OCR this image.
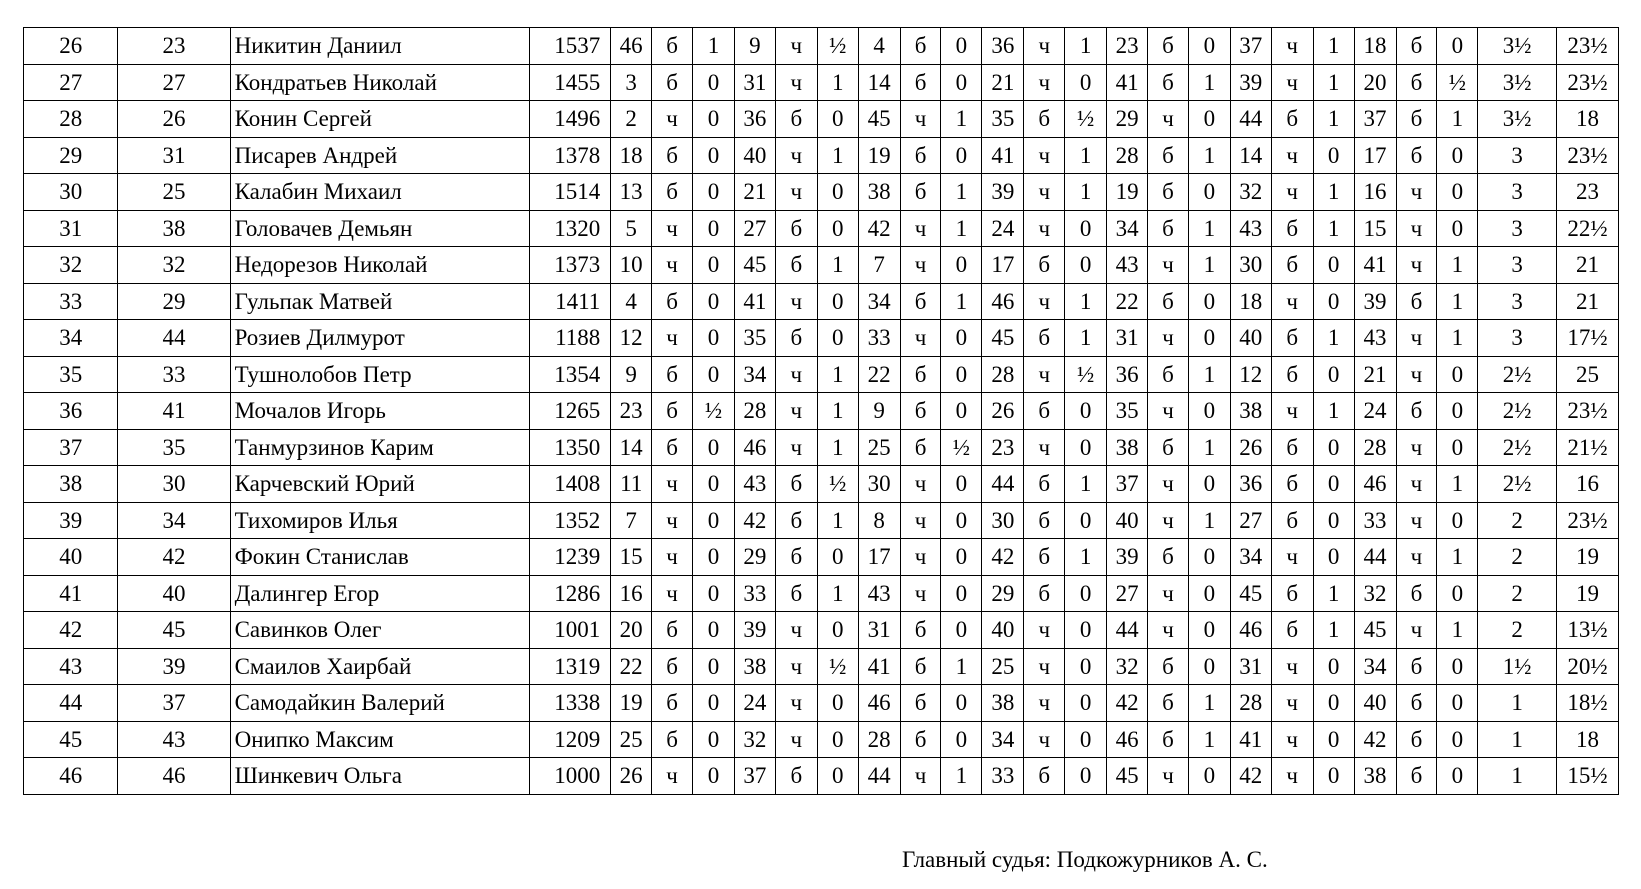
26	23	Никитин Даниил	1537	46	б	1	9	ч	½	4	б	0	36	ч	1	23	б	0	37	ч	1	18	б	0	3½	23½
27	27	Кондратьев Николай	1455	3	б	0	31	ч	1	14	б	0	21	ч	0	41	б	1	39	ч	1	20	б	½	3½	23½
28	26	Конин Сергей	1496	2	ч	0	36	б	0	45	ч	1	35	б	½	29	ч	0	44	б	1	37	б	1	3½	18
29	31	Писарев Андрей	1378	18	б	0	40	ч	1	19	б	0	41	ч	1	28	б	1	14	ч	0	17	б	0	3	23½
30	25	Калабин Михаил	1514	13	б	0	21	ч	0	38	б	1	39	ч	1	19	б	0	32	ч	1	16	ч	0	3	23
31	38	Головачев Демьян	1320	5	ч	0	27	б	0	42	ч	1	24	ч	0	34	б	1	43	б	1	15	ч	0	3	22½
32	32	Недорезов Николай	1373	10	ч	0	45	б	1	7	ч	0	17	б	0	43	ч	1	30	б	0	41	ч	1	3	21
33	29	Гульпак Матвей	1411	4	б	0	41	ч	0	34	б	1	46	ч	1	22	б	0	18	ч	0	39	б	1	3	21
34	44	Розиев Дилмурот	1188	12	ч	0	35	б	0	33	ч	0	45	б	1	31	ч	0	40	б	1	43	ч	1	3	17½
35	33	Тушнолобов Петр	1354	9	б	0	34	ч	1	22	б	0	28	ч	½	36	б	1	12	б	0	21	ч	0	2½	25
36	41	Мочалов Игорь	1265	23	б	½	28	ч	1	9	б	0	26	б	0	35	ч	0	38	ч	1	24	б	0	2½	23½
37	35	Танмурзинов Карим	1350	14	б	0	46	ч	1	25	б	½	23	ч	0	38	б	1	26	б	0	28	ч	0	2½	21½
38	30	Карчевский Юрий	1408	11	ч	0	43	б	½	30	ч	0	44	б	1	37	ч	0	36	б	0	46	ч	1	2½	16
39	34	Тихомиров Илья	1352	7	ч	0	42	б	1	8	ч	0	30	б	0	40	ч	1	27	б	0	33	ч	0	2	23½
40	42	Фокин Станислав	1239	15	ч	0	29	б	0	17	ч	0	42	б	1	39	б	0	34	ч	0	44	ч	1	2	19
41	40	Далингер Егор	1286	16	ч	0	33	б	1	43	ч	0	29	б	0	27	ч	0	45	б	1	32	б	0	2	19
42	45	Савинков Олег	1001	20	б	0	39	ч	0	31	б	0	40	ч	0	44	ч	0	46	б	1	45	ч	1	2	13½
43	39	Смаилов Хаирбай	1319	22	б	0	38	ч	½	41	б	1	25	ч	0	32	б	0	31	ч	0	34	б	0	1½	20½
44	37	Самодайкин Валерий	1338	19	б	0	24	ч	0	46	б	0	38	ч	0	42	б	1	28	ч	0	40	б	0	1	18½
45	43	Онипко Максим	1209	25	б	0	32	ч	0	28	б	0	34	ч	0	46	б	1	41	ч	0	42	б	0	1	18
46	46	Шинкевич Ольга	1000	26	ч	0	37	б	0	44	ч	1	33	б	0	45	ч	0	42	ч	0	38	б	0	1	15½
Главный судья: Подкожурников А. С.
